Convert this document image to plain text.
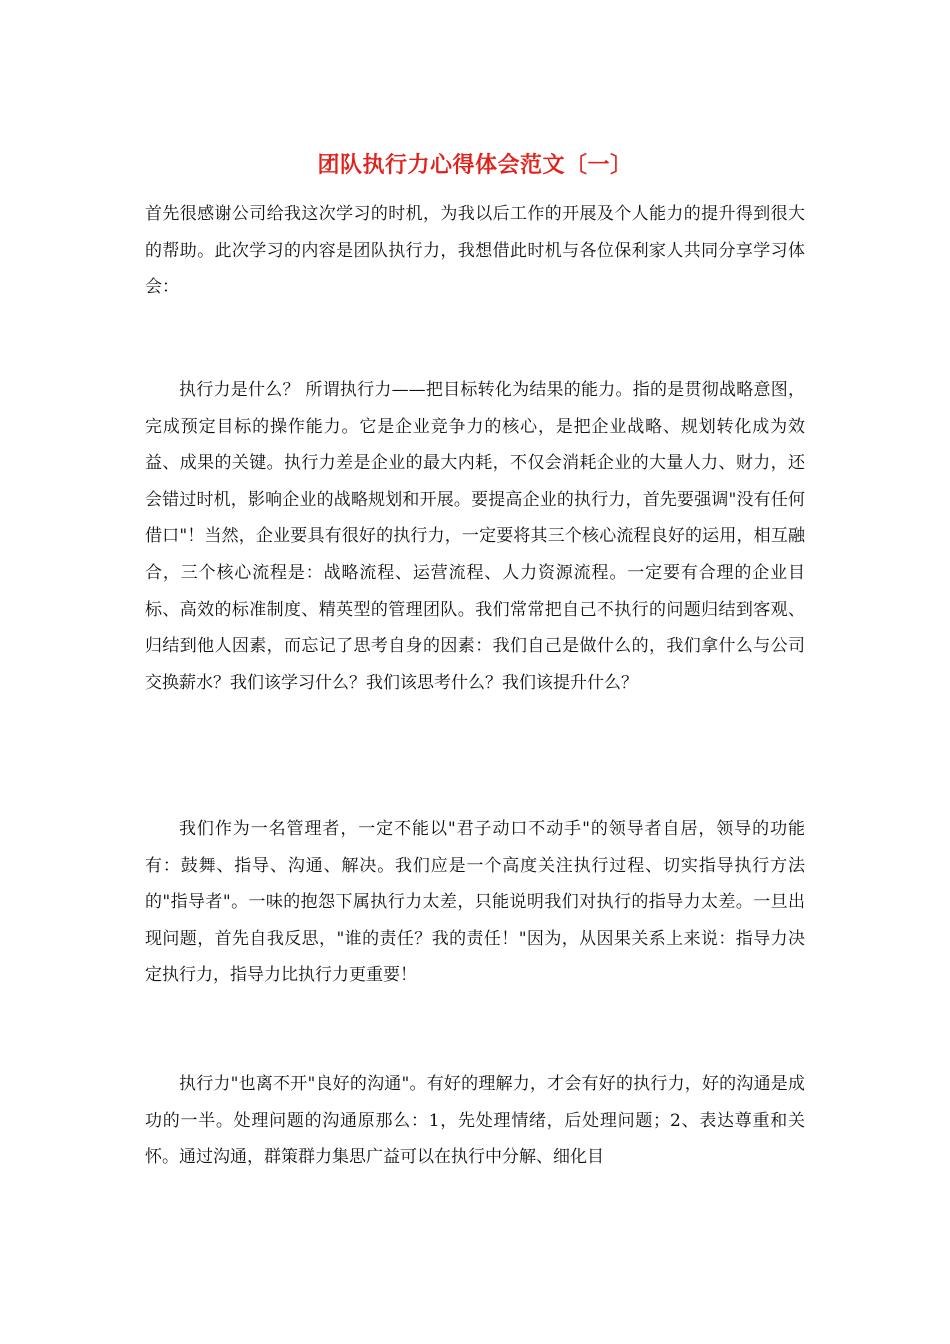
团队执行力心得体会范文〔一〕

首先很感谢公司给我这次学习的时机，为我以后工作的开展及个人能力的提升得到很大的帮助。此次学习的内容是团队执行力，我想借此时机与各位保利家人共同分享学习体会：

执行力是什么？ 所谓执行力——把目标转化为结果的能力。指的是贯彻战略意图，完成预定目标的操作能力。它是企业竞争力的核心，是把企业战略、规划转化成为效益、成果的关键。执行力差是企业的最大内耗，不仅会消耗企业的大量人力、财力，还会错过时机，影响企业的战略规划和开展。要提高企业的执行力，首先要强调"没有任何借口"！当然，企业要具有很好的执行力，一定要将其三个核心流程良好的运用，相互融合，三个核心流程是：战略流程、运营流程、人力资源流程。一定要有合理的企业目标、高效的标准制度、精英型的管理团队。我们常常把自己不执行的问题归结到客观、归结到他人因素，而忘记了思考自身的因素：我们自己是做什么的，我们拿什么与公司交换薪水？我们该学习什么？我们该思考什么？我们该提升什么？

我们作为一名管理者，一定不能以"君子动口不动手"的领导者自居，领导的功能有：鼓舞、指导、沟通、解决。我们应是一个高度关注执行过程、切实指导执行方法的"指导者"。一味的抱怨下属执行力太差，只能说明我们对执行的指导力太差。一旦出现问题，首先自我反思，"谁的责任？我的责任！"因为，从因果关系上来说：指导力决定执行力，指导力比执行力更重要！

执行力"也离不开"良好的沟通"。有好的理解力，才会有好的执行力，好的沟通是成功的一半。处理问题的沟通原那么：1，先处理情绪，后处理问题；2、表达尊重和关怀。通过沟通，群策群力集思广益可以在执行中分解、细化目
